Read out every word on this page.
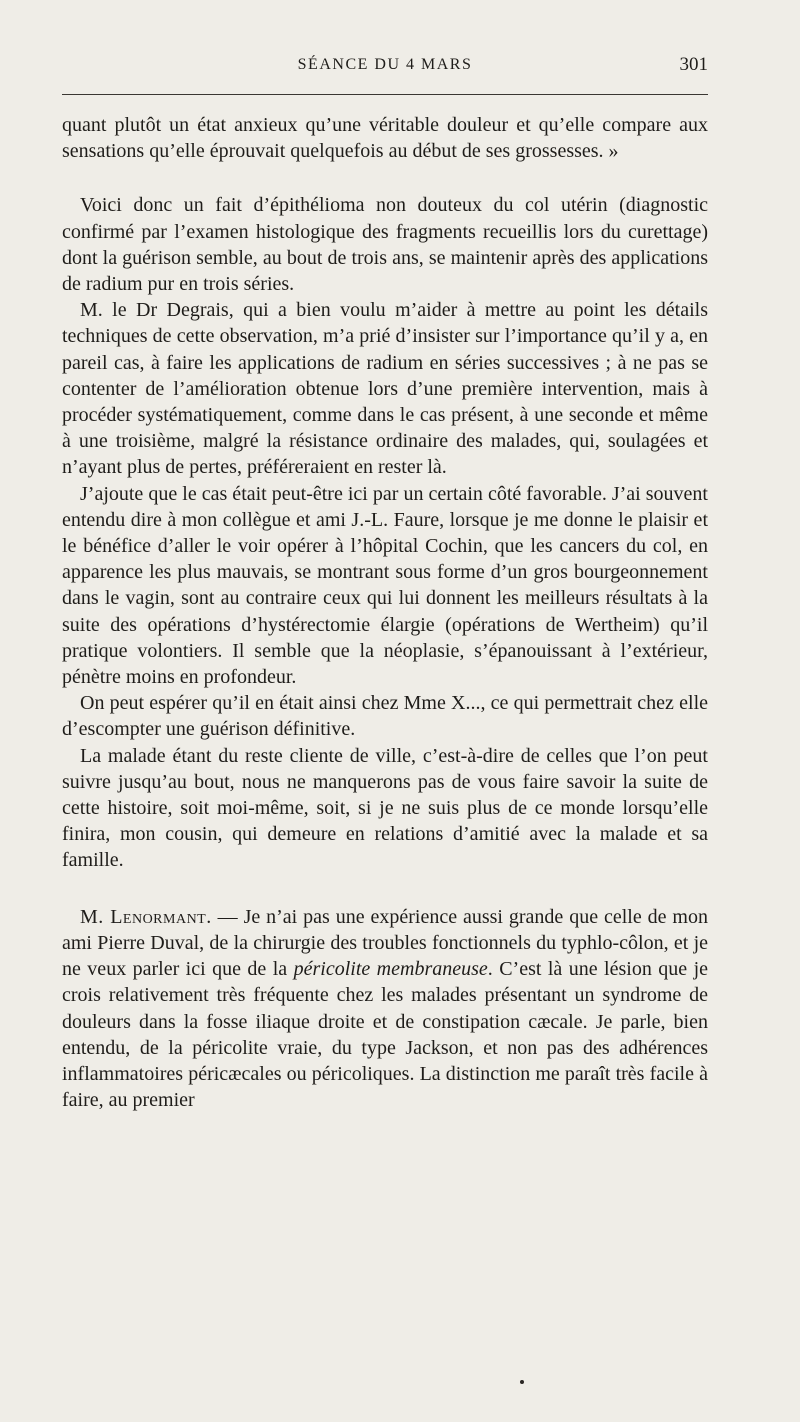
SÉANCE DU 4 MARS	301

quant plutôt un état anxieux qu’une véritable douleur et qu’elle compare aux sensations qu’elle éprouvait quelquefois au début de ses grossesses. »

Voici donc un fait d’épithélioma non douteux du col utérin (diagnostic confirmé par l’examen histologique des fragments recueillis lors du curettage) dont la guérison semble, au bout de trois ans, se maintenir après des applications de radium pur en trois séries.

M. le Dr Degrais, qui a bien voulu m’aider à mettre au point les détails techniques de cette observation, m’a prié d’insister sur l’importance qu’il y a, en pareil cas, à faire les applications de radium en séries successives ; à ne pas se contenter de l’amélioration obtenue lors d’une première intervention, mais à procéder systématiquement, comme dans le cas présent, à une seconde et même à une troisième, malgré la résistance ordinaire des malades, qui, soulagées et n’ayant plus de pertes, préféreraient en rester là.

J’ajoute que le cas était peut-être ici par un certain côté favorable. J’ai souvent entendu dire à mon collègue et ami J.-L. Faure, lorsque je me donne le plaisir et le bénéfice d’aller le voir opérer à l’hôpital Cochin, que les cancers du col, en apparence les plus mauvais, se montrant sous forme d’un gros bourgeonnement dans le vagin, sont au contraire ceux qui lui donnent les meilleurs résultats à la suite des opérations d’hystérectomie élargie (opérations de Wertheim) qu’il pratique volontiers. Il semble que la néoplasie, s’épanouissant à l’extérieur, pénètre moins en profondeur.

On peut espérer qu’il en était ainsi chez Mme X..., ce qui permettrait chez elle d’escompter une guérison définitive.

La malade étant du reste cliente de ville, c’est-à-dire de celles que l’on peut suivre jusqu’au bout, nous ne manquerons pas de vous faire savoir la suite de cette histoire, soit moi-même, soit, si je ne suis plus de ce monde lorsqu’elle finira, mon cousin, qui demeure en relations d’amitié avec la malade et sa famille.

M. Lenormant. — Je n’ai pas une expérience aussi grande que celle de mon ami Pierre Duval, de la chirurgie des troubles fonctionnels du typhlo-côlon, et je ne veux parler ici que de la péricolite membraneuse. C’est là une lésion que je crois relativement très fréquente chez les malades présentant un syndrome de douleurs dans la fosse iliaque droite et de constipation cæcale. Je parle, bien entendu, de la péricolite vraie, du type Jackson, et non pas des adhérences inflammatoires péricæcales ou péricoliques. La distinction me paraît très facile à faire, au premier
